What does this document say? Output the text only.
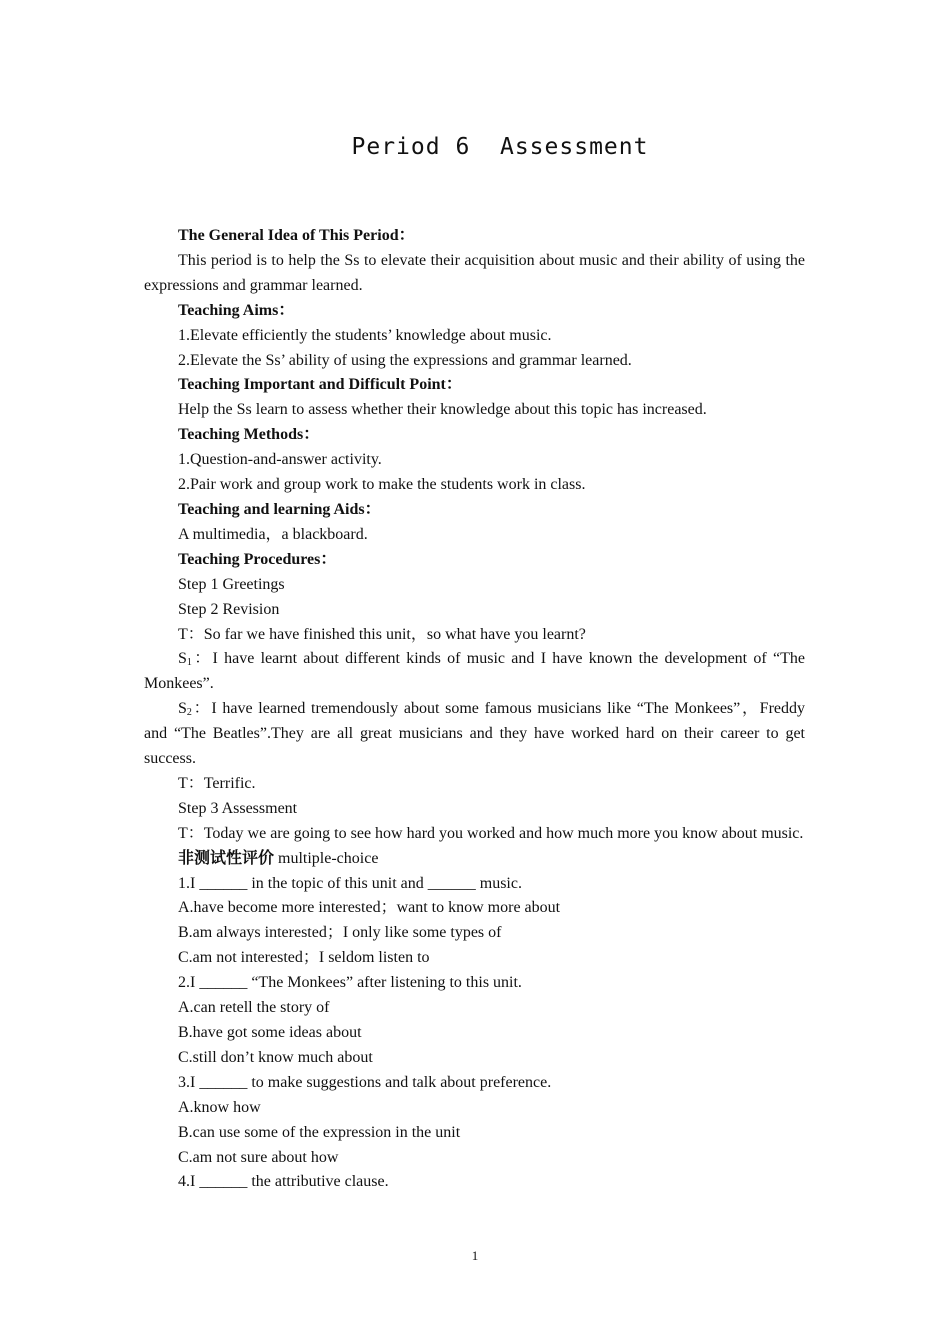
Period 6  Assessment

The General Idea of This Period：

This period is to help the Ss to elevate their acquisition about music and their ability of using the expressions and grammar learned.

Teaching Aims：

1.Elevate efficiently the students’ knowledge about music.

2.Elevate the Ss’ ability of using the expressions and grammar learned.

Teaching Important and Difficult Point：

Help the Ss learn to assess whether their knowledge about this topic has increased.

Teaching Methods：

1.Question-and-answer activity.

2.Pair work and group work to make the students work in class.

Teaching and learning Aids：

A multimedia，a blackboard.

Teaching Procedures：

Step 1 Greetings

Step 2 Revision

T：So far we have finished this unit，so what have you learnt?

$S_1$：I have learnt about different kinds of music and I have known the development of “The Monkees”.

$S_2$：I have learned tremendously about some famous musicians like “The Monkees”，Freddy and “The Beatles”.They are all great musicians and they have worked hard on their career to get success.

T：Terrific.

Step 3 Assessment

T：Today we are going to see how hard you worked and how much more you know about music.

非测试性评价 multiple-choice

1.I ______ in the topic of this unit and ______ music.

A.have become more interested；want to know more about

B.am always interested；I only like some types of

C.am not interested；I seldom listen to

2.I ______ “The Monkees” after listening to this unit.

A.can retell the story of

B.have got some ideas about

C.still don’t know much about

3.I ______ to make suggestions and talk about preference.

A.know how

B.can use some of the expression in the unit

C.am not sure about how

4.I ______ the attributive clause.

1
